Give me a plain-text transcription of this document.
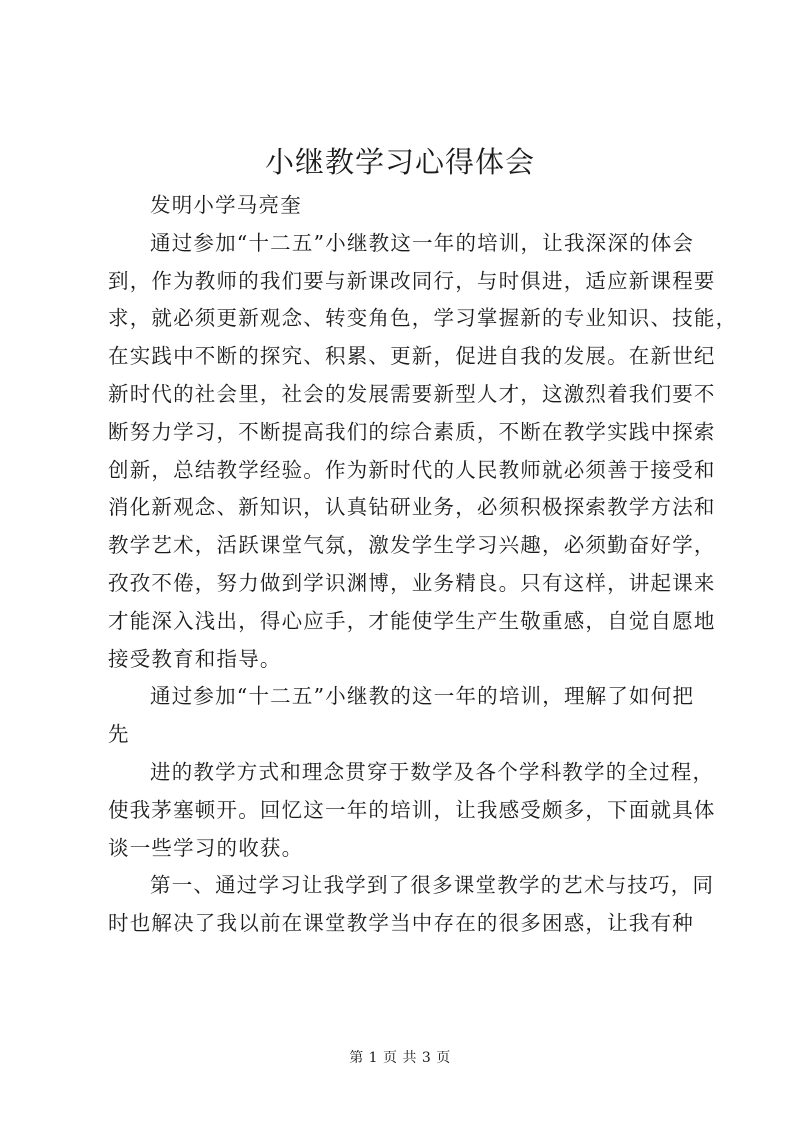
小继教学习心得体会
发明小学马亮奎
通过参加“十二五”小继教这一年的培训，让我深深的体会
到，作为教师的我们要与新课改同行，与时俱进，适应新课程要
求，就必须更新观念、转变角色，学习掌握新的专业知识、技能，
在实践中不断的探究、积累、更新，促进自我的发展。在新世纪
新时代的社会里，社会的发展需要新型人才，这激烈着我们要不
断努力学习，不断提高我们的综合素质，不断在教学实践中探索
创新，总结教学经验。作为新时代的人民教师就必须善于接受和
消化新观念、新知识，认真钻研业务，必须积极探索教学方法和
教学艺术，活跃课堂气氛，激发学生学习兴趣，必须勤奋好学，
孜孜不倦，努力做到学识渊博，业务精良。只有这样，讲起课来
才能深入浅出，得心应手，才能使学生产生敬重感，自觉自愿地
接受教育和指导。
通过参加“十二五”小继教的这一年的培训，理解了如何把
先
进的教学方式和理念贯穿于数学及各个学科教学的全过程，
使我茅塞顿开。回忆这一年的培训，让我感受颇多，下面就具体
谈一些学习的收获。
第一、通过学习让我学到了很多课堂教学的艺术与技巧，同
时也解决了我以前在课堂教学当中存在的很多困惑，让我有种
第 1 页 共 3 页
